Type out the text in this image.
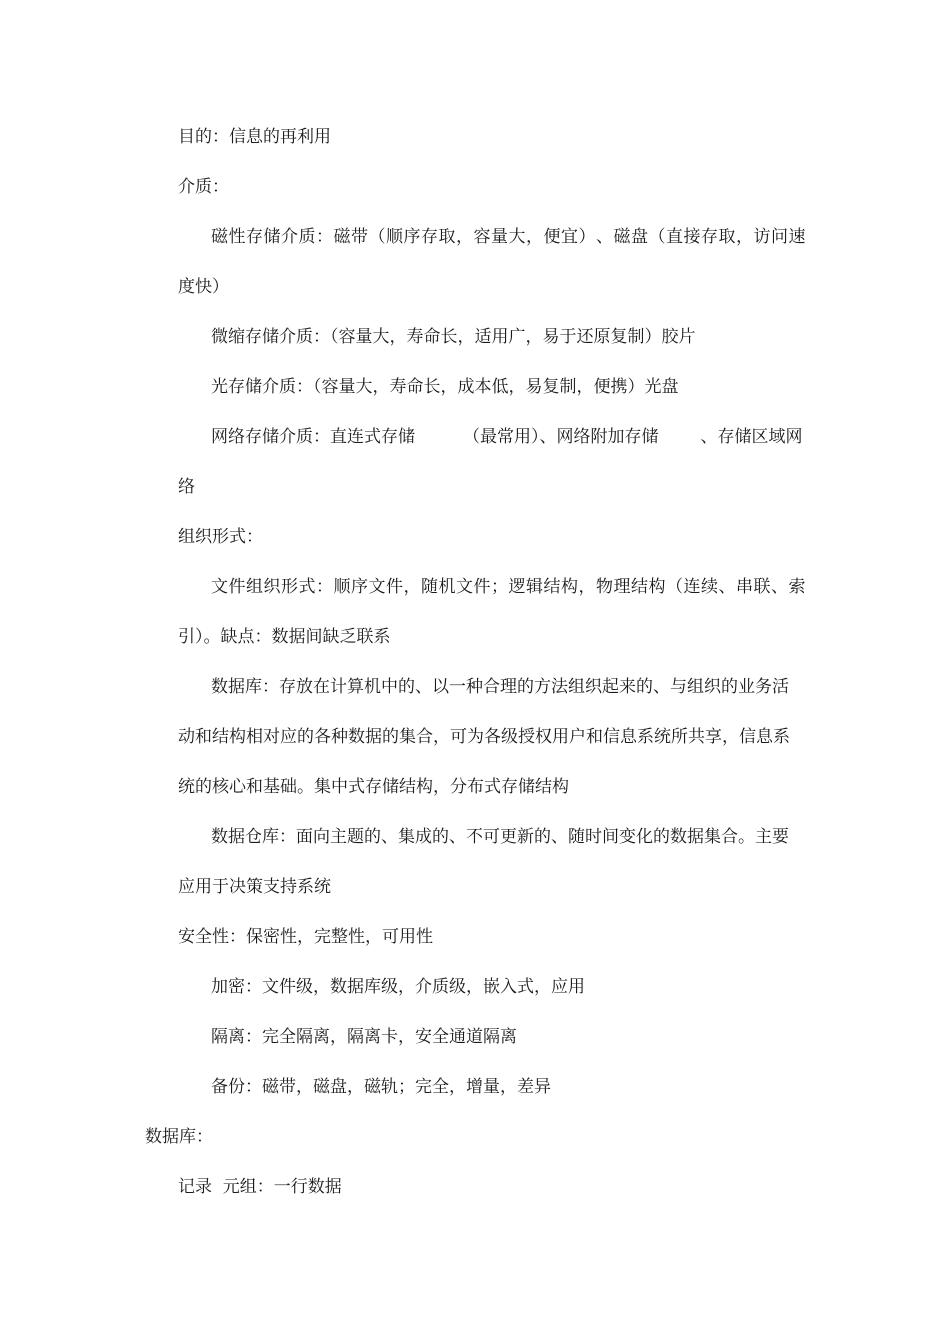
目的：信息的再利用

介质：

磁 性 存 储 介 质 ： 磁 带 （ 顺 序 存 取 ， 容 量 大 ， 便 宜 ） 、 磁 盘 （ 直 接 存 取 ， 访 问 速

度快）

微缩存储介质：（容量大，寿命长，适用广，易于还原复制）胶片

光存储介质：（容量大，寿命长，成本低，易复制，便携）光盘

网络存储介质：直连式存储	（最常用）、网络附加存储 、存储区域网

络

组织形式：

文 件 组 织 形 式 ： 顺 序 文 件 ， 随 机 文 件 ； 逻 辑 结 构 ， 物 理 结 构 （ 连 续 、 串 联 、 索

引）。缺点：数据间缺乏联系

数据库：存放在计算机中的、以一种合理的方法组织起来的、与组织的业务活

动和结构相对应的各种数据的集合，可为各级授权用户和信息系统所共享，信息系

统的核心和基础。集中式存储结构，分布式存储结构

数据仓库：面向主题的、集成的、不可更新的、随时间变化的数据集合。主要

应用于决策支持系统

安全性：保密性，完整性，可用性

加密：文件级，数据库级，介质级，嵌入式，应用

隔离：完全隔离，隔离卡，安全通道隔离

备份：磁带，磁盘，磁轨；完全，增量，差异

数据库：

记录  元组：一行数据
